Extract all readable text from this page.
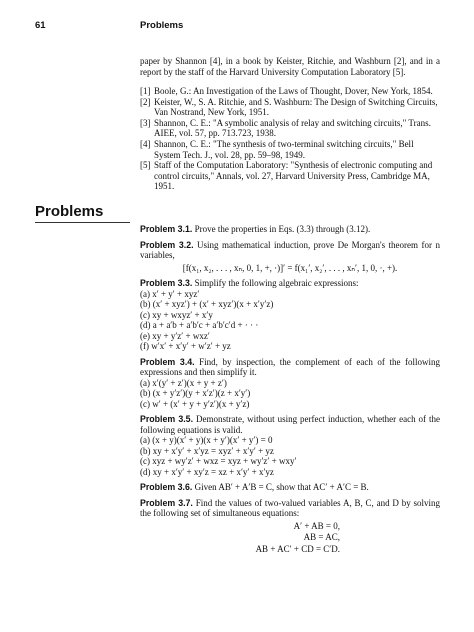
61	Problems

paper by Shannon [4], in a book by Keister, Ritchie, and Washburn [2], and in a report by the staff of the Harvard University Computation Laboratory [5].

[1] Boole, G.: An Investigation of the Laws of Thought, Dover, New York, 1854.
[2] Keister, W., S. A. Ritchie, and S. Washburn: The Design of Switching Circuits, Van Nostrand, New York, 1951.
[3] Shannon, C. E.: "A symbolic analysis of relay and switching circuits," Trans. AIEE, vol. 57, pp. 713.723, 1938.
[4] Shannon, C. E.: "The synthesis of two-terminal switching circuits," Bell System Tech. J., vol. 28, pp. 59–98, 1949.
[5] Staff of the Computation Laboratory: "Synthesis of electronic computing and control circuits," Annals, vol. 27, Harvard University Press, Cambridge MA, 1951.
Problems

Problem 3.1. Prove the properties in Eqs. (3.3) through (3.12).

Problem 3.2. Using mathematical induction, prove De Morgan's theorem for n variables,

[f(x₁, x₂, . . . , xₙ, 0, 1, +, ·)]′ = f(x₁′, x₂′, . . . , xₙ′, 1, 0, ·, +).

Problem 3.3. Simplify the following algebraic expressions:

(a) x′ + y′ + xyz′
(b) (x′ + xyz′) + (x′ + xyz′)(x + x′y′z)
(c) xy + wxyz′ + x′y
(d) a + a′b + a′b′c + a′b′c′d + · · ·
(e) xy + y′z′ + wxz′
(f) w′x′ + x′y′ + w′z′ + yz

Problem 3.4. Find, by inspection, the complement of each of the following expressions and then simplify it.

(a) x′(y′ + z′)(x + y + z′)
(b) (x + y′z′)(y + x′z′)(z + x′y′)
(c) w′ + (x′ + y + y′z′)(x + y′z)

Problem 3.5. Demonstrate, without using perfect induction, whether each of the following equations is valid.

(a) (x + y)(x′ + y)(x + y′)(x′ + y′) = 0
(b) xy + x′y′ + x′yz = xyz′ + x′y′ + yz
(c) xyz + wy′z′ + wxz = xyz + wy′z′ + wxy′
(d) xy + x′y′ + xy′z = xz + x′y′ + x′yz

Problem 3.6. Given AB′ + A′B = C, show that AC′ + A′C = B.

Problem 3.7. Find the values of two-valued variables A, B, C, and D by solving the following set of simultaneous equations:

A′ + AB = 0,
AB = AC,
AB + AC′ + CD = C′D.
